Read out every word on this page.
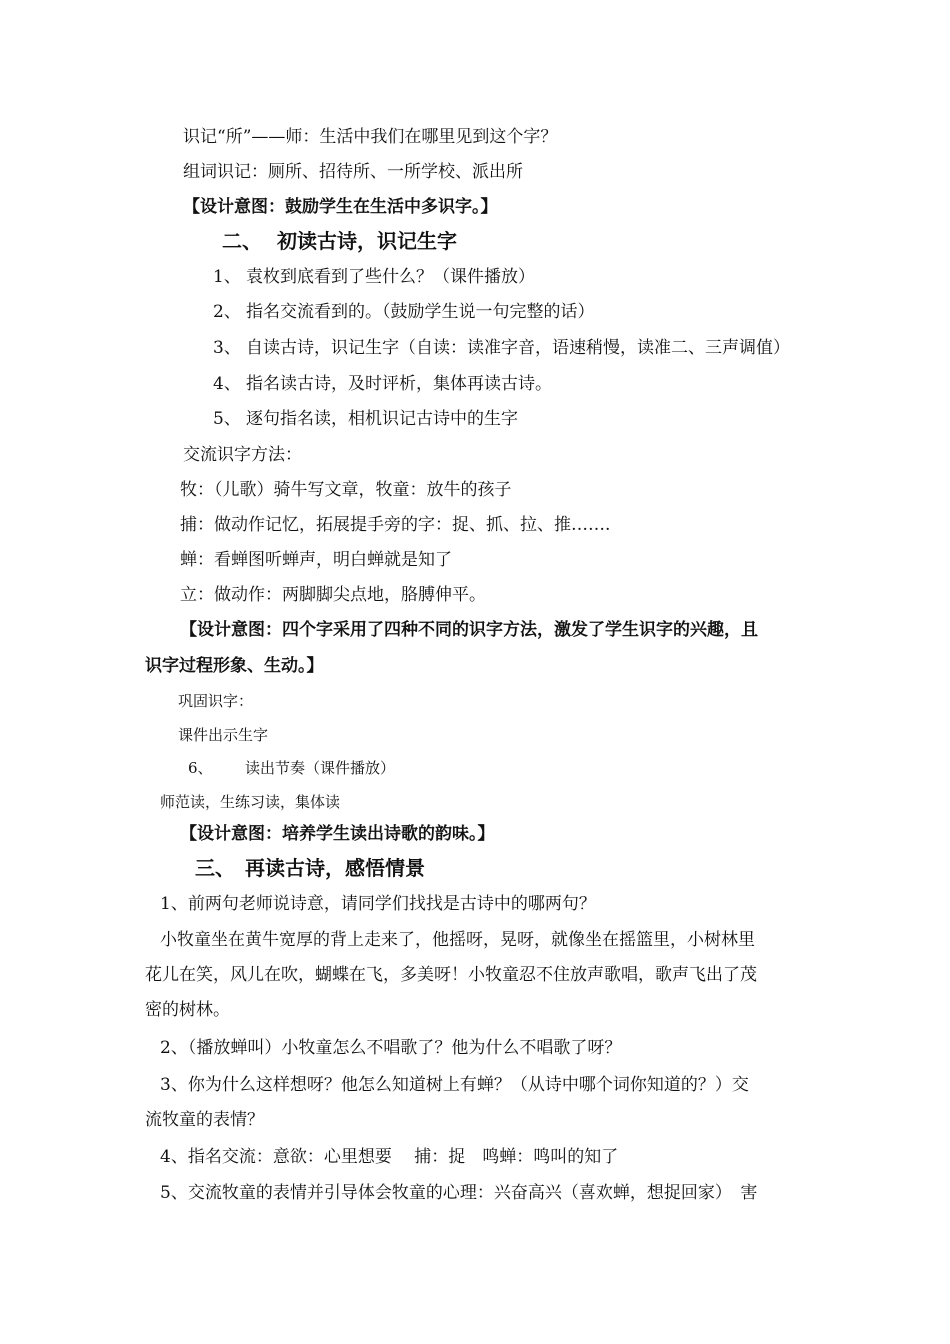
识记“所”——师：生活中我们在哪里见到这个字？
组词识记：厕所、招待所、一所学校、派出所
【设计意图：鼓励学生在生活中多识字。】
二、 初读古诗，识记生字
1、 袁枚到底看到了些什么？（课件播放）
2、 指名交流看到的。（鼓励学生说一句完整的话）
3、 自读古诗，识记生字（自读：读准字音，语速稍慢，读准二、三声调值）
4、 指名读古诗，及时评析，集体再读古诗。
5、 逐句指名读，相机识记古诗中的生字
交流识字方法：
牧：（儿歌）骑牛写文章，牧童：放牛的孩子
捕：做动作记忆，拓展提手旁的字：捉、抓、拉、推…….
蝉：看蝉图听蝉声，明白蝉就是知了
立：做动作：两脚脚尖点地，胳膊伸平。
【设计意图：四个字采用了四种不同的识字方法，激发了学生识字的兴趣，且
识字过程形象、生动。】
巩固识字：
课件出示生字
6、 读出节奏（课件播放）
师范读，生练习读，集体读
【设计意图：培养学生读出诗歌的韵味。】
三、 再读古诗，感悟情景
1、前两句老师说诗意，请同学们找找是古诗中的哪两句？
小牧童坐在黄牛宽厚的背上走来了，他摇呀，晃呀，就像坐在摇篮里，小树林里
花儿在笑，风儿在吹，蝴蝶在飞，多美呀！小牧童忍不住放声歌唱，歌声飞出了茂
密的树林。
2、（播放蝉叫）小牧童怎么不唱歌了？他为什么不唱歌了呀？
3、你为什么这样想呀？他怎么知道树上有蝉？（从诗中哪个词你知道的？）交
流牧童的表情？
4、指名交流：意欲：心里想要　 捕：捉　鸣蝉：鸣叫的知了
5、交流牧童的表情并引导体会牧童的心理：兴奋高兴（喜欢蝉，想捉回家）　害
